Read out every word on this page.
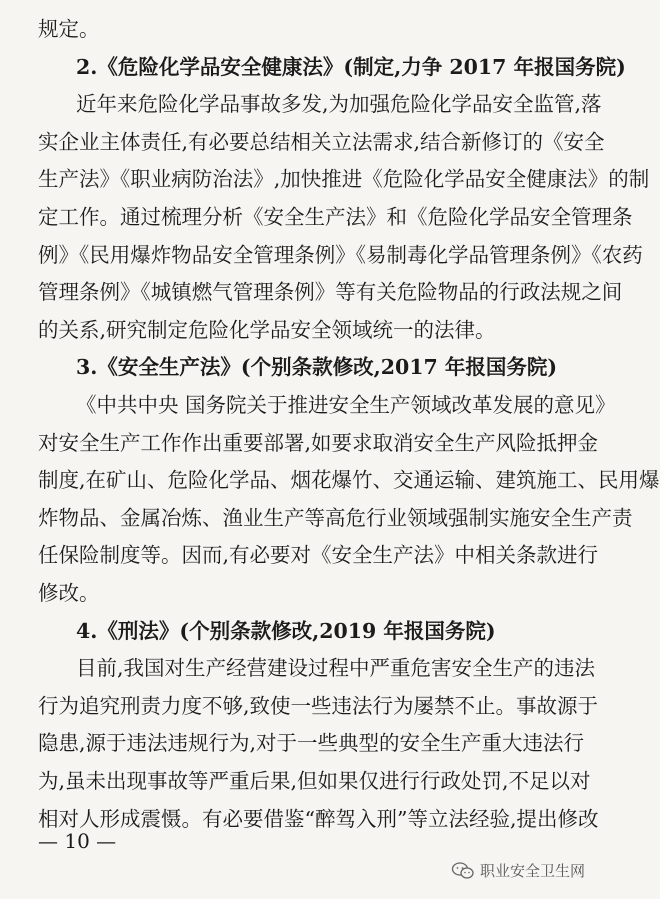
规定。
2.《危险化学品安全健康法》(制定,力争 2017 年报国务院)
近年来危险化学品事故多发,为加强危险化学品安全监管,落
实企业主体责任,有必要总结相关立法需求,结合新修订的《安全
生产法》《职业病防治法》,加快推进《危险化学品安全健康法》的制
定工作。通过梳理分析《安全生产法》和《危险化学品安全管理条
例》《民用爆炸物品安全管理条例》《易制毒化学品管理条例》《农药
管理条例》《城镇燃气管理条例》等有关危险物品的行政法规之间
的关系,研究制定危险化学品安全领域统一的法律。
3.《安全生产法》(个别条款修改,2017 年报国务院)
《中共中央 国务院关于推进安全生产领域改革发展的意见》
对安全生产工作作出重要部署,如要求取消安全生产风险抵押金
制度,在矿山、危险化学品、烟花爆竹、交通运输、建筑施工、民用爆
炸物品、金属冶炼、渔业生产等高危行业领域强制实施安全生产责
任保险制度等。因而,有必要对《安全生产法》中相关条款进行
修改。
4.《刑法》(个别条款修改,2019 年报国务院)
目前,我国对生产经营建设过程中严重危害安全生产的违法
行为追究刑责力度不够,致使一些违法行为屡禁不止。事故源于
隐患,源于违法违规行为,对于一些典型的安全生产重大违法行
为,虽未出现事故等严重后果,但如果仅进行行政处罚,不足以对
相对人形成震慑。有必要借鉴“醉驾入刑”等立法经验,提出修改
— 10 —
职业安全卫生网
